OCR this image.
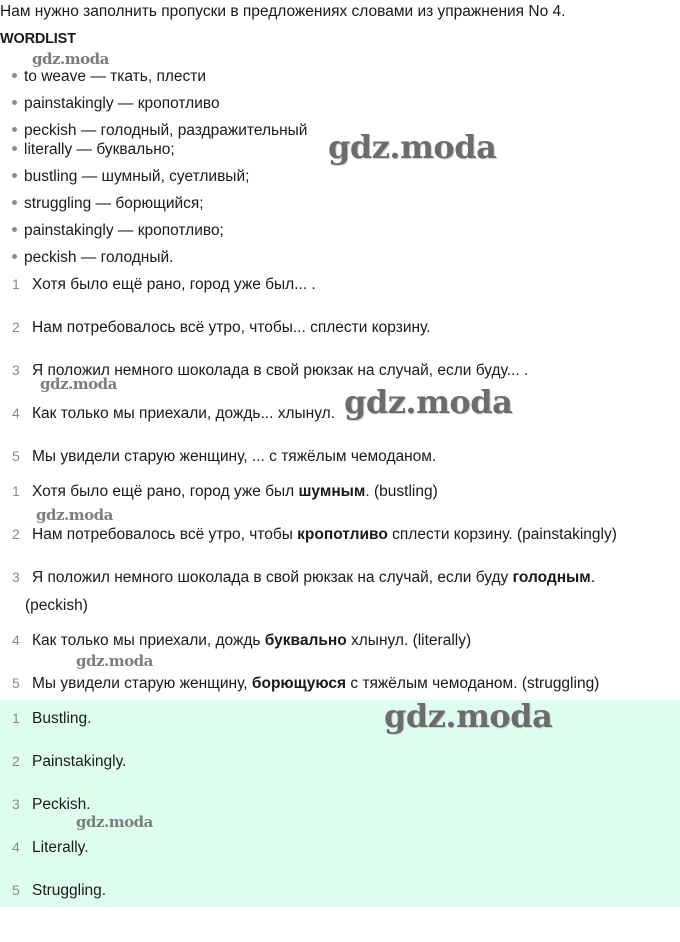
Нам нужно заполнить пропуски в предложениях словами из упражнения No 4.
WORDLIST
to weave — ткать, плести
painstakingly — кропотливо
peckish — голодный, раздражительный
literally — буквально;
bustling — шумный, суетливый;
struggling — борющийся;
painstakingly — кропотливо;
peckish — голодный.
1 Хотя было ещё рано, город уже был... .
2 Нам потребовалось всё утро, чтобы... сплести корзину.
3 Я положил немного шоколада в свой рюкзак на случай, если буду... .
4 Как только мы приехали, дождь... хлынул.
5 Мы увидели старую женщину, ... с тяжёлым чемоданом.
1 Хотя было ещё рано, город уже был шумным. (bustling)
2 Нам потребовалось всё утро, чтобы кропотливо сплести корзину. (painstakingly)
3 Я положил немного шоколада в свой рюкзак на случай, если буду голодным.
(peckish)
4 Как только мы приехали, дождь буквально хлынул. (literally)
5 Мы увидели старую женщину, борющуюся с тяжёлым чемоданом. (struggling)
1 Bustling.
2 Painstakingly.
3 Peckish.
4 Literally.
5 Struggling.
gdz.moda
gdz.moda
gdz.moda	gdz.moda
gdz.moda
gdz.moda
gdz.moda
gdz.moda
